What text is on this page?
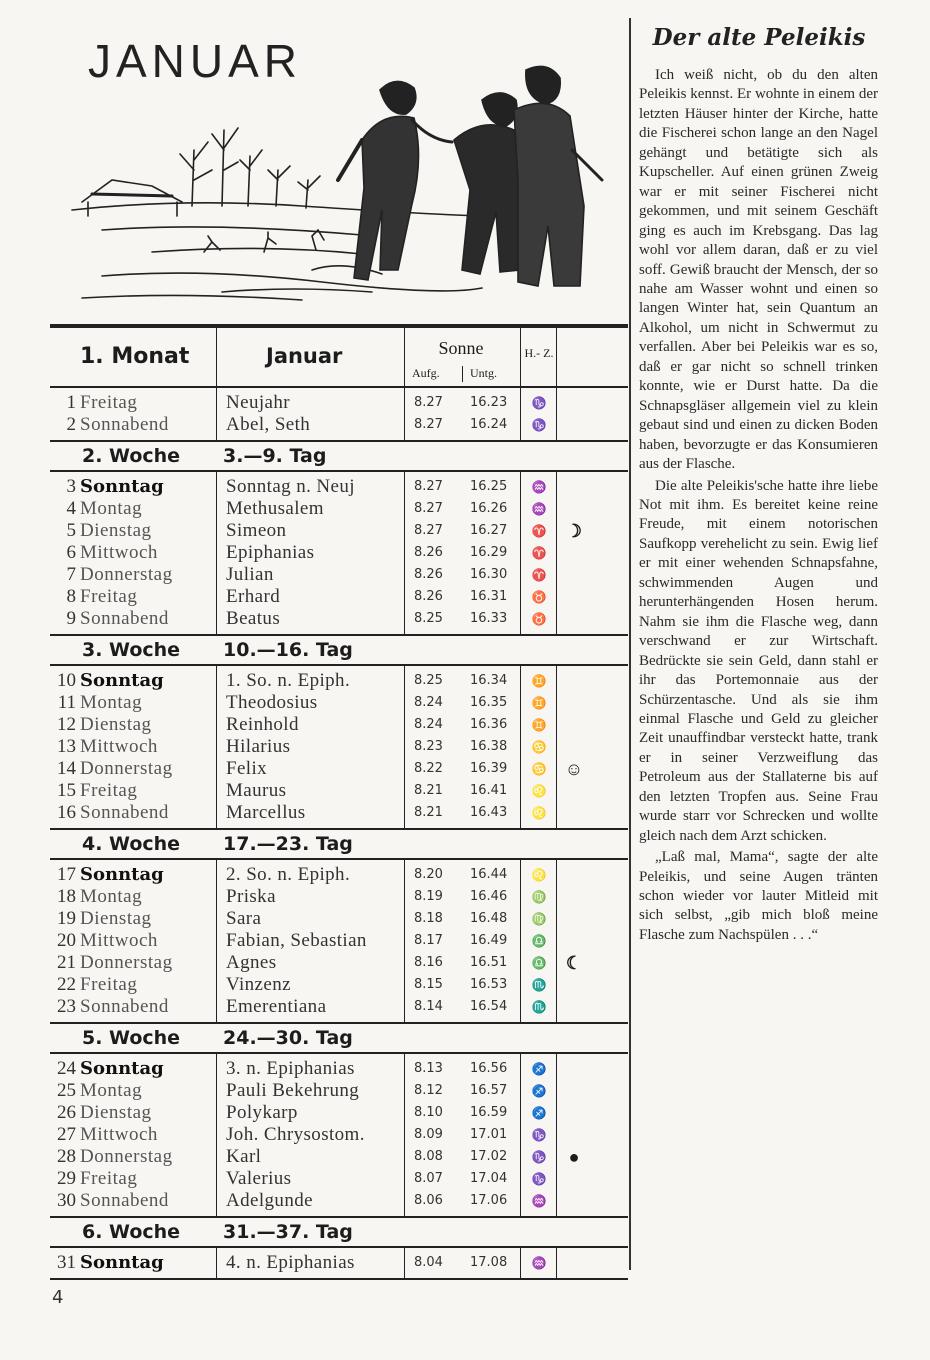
JANUAR
1. Monat	Januar	Sonne
Aufg.	Untg.
H.- Z.
1 Freitag	Neujahr	8.27 16.23 ♑
2 Sonnabend	Abel, Seth	8.27 16.24 ♑
2. Woche 3.—9. Tag
3 Sonntag	Sonntag n. Neuj	8.27 16.25 ♒
4 Montag	Methusalem	8.27 16.26 ♒
5 Dienstag	Simeon	8.27 16.27 ♈ ☽
6 Mittwoch	Epiphanias	8.26 16.29 ♈
7 Donnerstag	Julian	8.26 16.30 ♈
8 Freitag	Erhard	8.26 16.31 ♉
9 Sonnabend	Beatus	8.25 16.33 ♉
3. Woche 10.—16. Tag
10 Sonntag	1. So. n. Epiph.	8.25 16.34 ♊
11 Montag	Theodosius	8.24 16.35 ♊
12 Dienstag	Reinhold	8.24 16.36 ♊
13 Mittwoch	Hilarius	8.23 16.38 ♋
14 Donnerstag	Felix	8.22 16.39 ♋ ☺
15 Freitag	Maurus	8.21 16.41 ♌
16 Sonnabend	Marcellus	8.21 16.43 ♌
4. Woche 17.—23. Tag
17 Sonntag	2. So. n. Epiph.	8.20 16.44 ♌
18 Montag	Priska	8.19 16.46 ♍
19 Dienstag	Sara	8.18 16.48 ♍
20 Mittwoch	Fabian, Sebastian	8.17 16.49 ♎
21 Donnerstag	Agnes	8.16 16.51 ♎ ☾
22 Freitag	Vinzenz	8.15 16.53 ♏
23 Sonnabend	Emerentiana	8.14 16.54 ♏
5. Woche 24.—30. Tag
24 Sonntag	3. n. Epiphanias	8.13 16.56 ♐
25 Montag	Pauli Bekehrung	8.12 16.57 ♐
26 Dienstag	Polykarp	8.10 16.59 ♐
27 Mittwoch	Joh. Chrysostom.	8.09 17.01 ♑
28 Donnerstag	Karl	8.08 17.02 ♑	●
29 Freitag	Valerius	8.07 17.04 ♑
30 Sonnabend	Adelgunde	8.06 17.06 ♒
6. Woche 31.—37. Tag
31 Sonntag	4. n. Epiphanias	8.04 17.08 ♒
Der alte Peleikis

Ich weiß nicht, ob du den alten Peleikis kennst. Er wohnte in einem der letzten Häuser hinter der Kirche, hatte die Fischerei schon lange an den Nagel gehängt und betätigte sich als Kupscheller. Auf einen grünen Zweig war er mit seiner Fischerei nicht gekommen, und mit seinem Geschäft ging es auch im Krebsgang. Das lag wohl vor allem daran, daß er zu viel soff. Gewiß braucht der Mensch, der so nahe am Wasser wohnt und einen so langen Winter hat, sein Quantum an Alkohol, um nicht in Schwermut zu verfallen. Aber bei Peleikis war es so, daß er gar nicht so schnell trinken konnte, wie er Durst hatte. Da die Schnapsgläser allgemein viel zu klein gebaut sind und einen zu dicken Boden haben, bevorzugte er das Konsumieren aus der Flasche.

Die alte Peleikis'sche hatte ihre liebe Not mit ihm. Es bereitet keine reine Freude, mit einem notorischen Saufkopp verehelicht zu sein. Ewig lief er mit einer wehenden Schnapsfahne, schwimmenden Augen und herunterhängenden Hosen herum. Nahm sie ihm die Flasche weg, dann verschwand er zur Wirtschaft. Bedrückte sie sein Geld, dann stahl er ihr das Portemonnaie aus der Schürzentasche. Und als sie ihm einmal Flasche und Geld zu gleicher Zeit unauffindbar versteckt hatte, trank er in seiner Verzweiflung das Petroleum aus der Stallaterne bis auf den letzten Tropfen aus. Seine Frau wurde starr vor Schrecken und wollte gleich nach dem Arzt schicken.

„Laß mal, Mama“, sagte der alte Peleikis, und seine Augen tränten schon wieder vor lauter Mitleid mit sich selbst, „gib mich bloß meine Flasche zum Nachspülen . . .“

4
